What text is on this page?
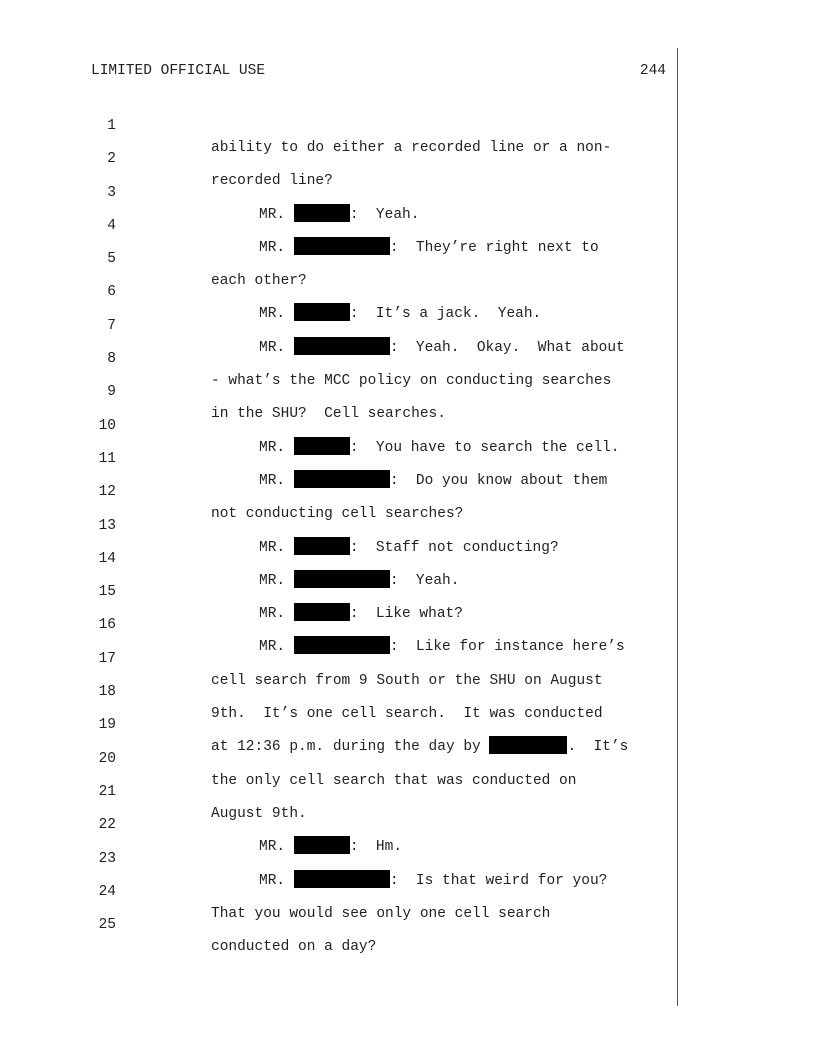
LIMITED OFFICIAL USE	244

1

ability to do either a recorded line or a non-

2

recorded line?

3

MR.	:  Yeah.

4

MR.	:  They’re right next to

5

each other?

6

MR.	:  It’s a jack.  Yeah.

7

MR.	:  Yeah.  Okay.  What about

8

- what’s the MCC policy on conducting searches

9

in the SHU?  Cell searches.

10

MR.	:  You have to search the cell.

11

MR.	:  Do you know about them

12

not conducting cell searches?

13

MR.	:  Staff not conducting?

14

MR.	:  Yeah.

15

MR.	:  Like what?

16

MR.	:  Like for instance here’s

17

cell search from 9 South or the SHU on August

18

9th.  It’s one cell search.  It was conducted

19

at 12:36 p.m. during the day by	.  It’s

20

the only cell search that was conducted on

21

August 9th.

22

MR.	:  Hm.

23

MR.	:  Is that weird for you?

24

That you would see only one cell search

25

conducted on a day?
